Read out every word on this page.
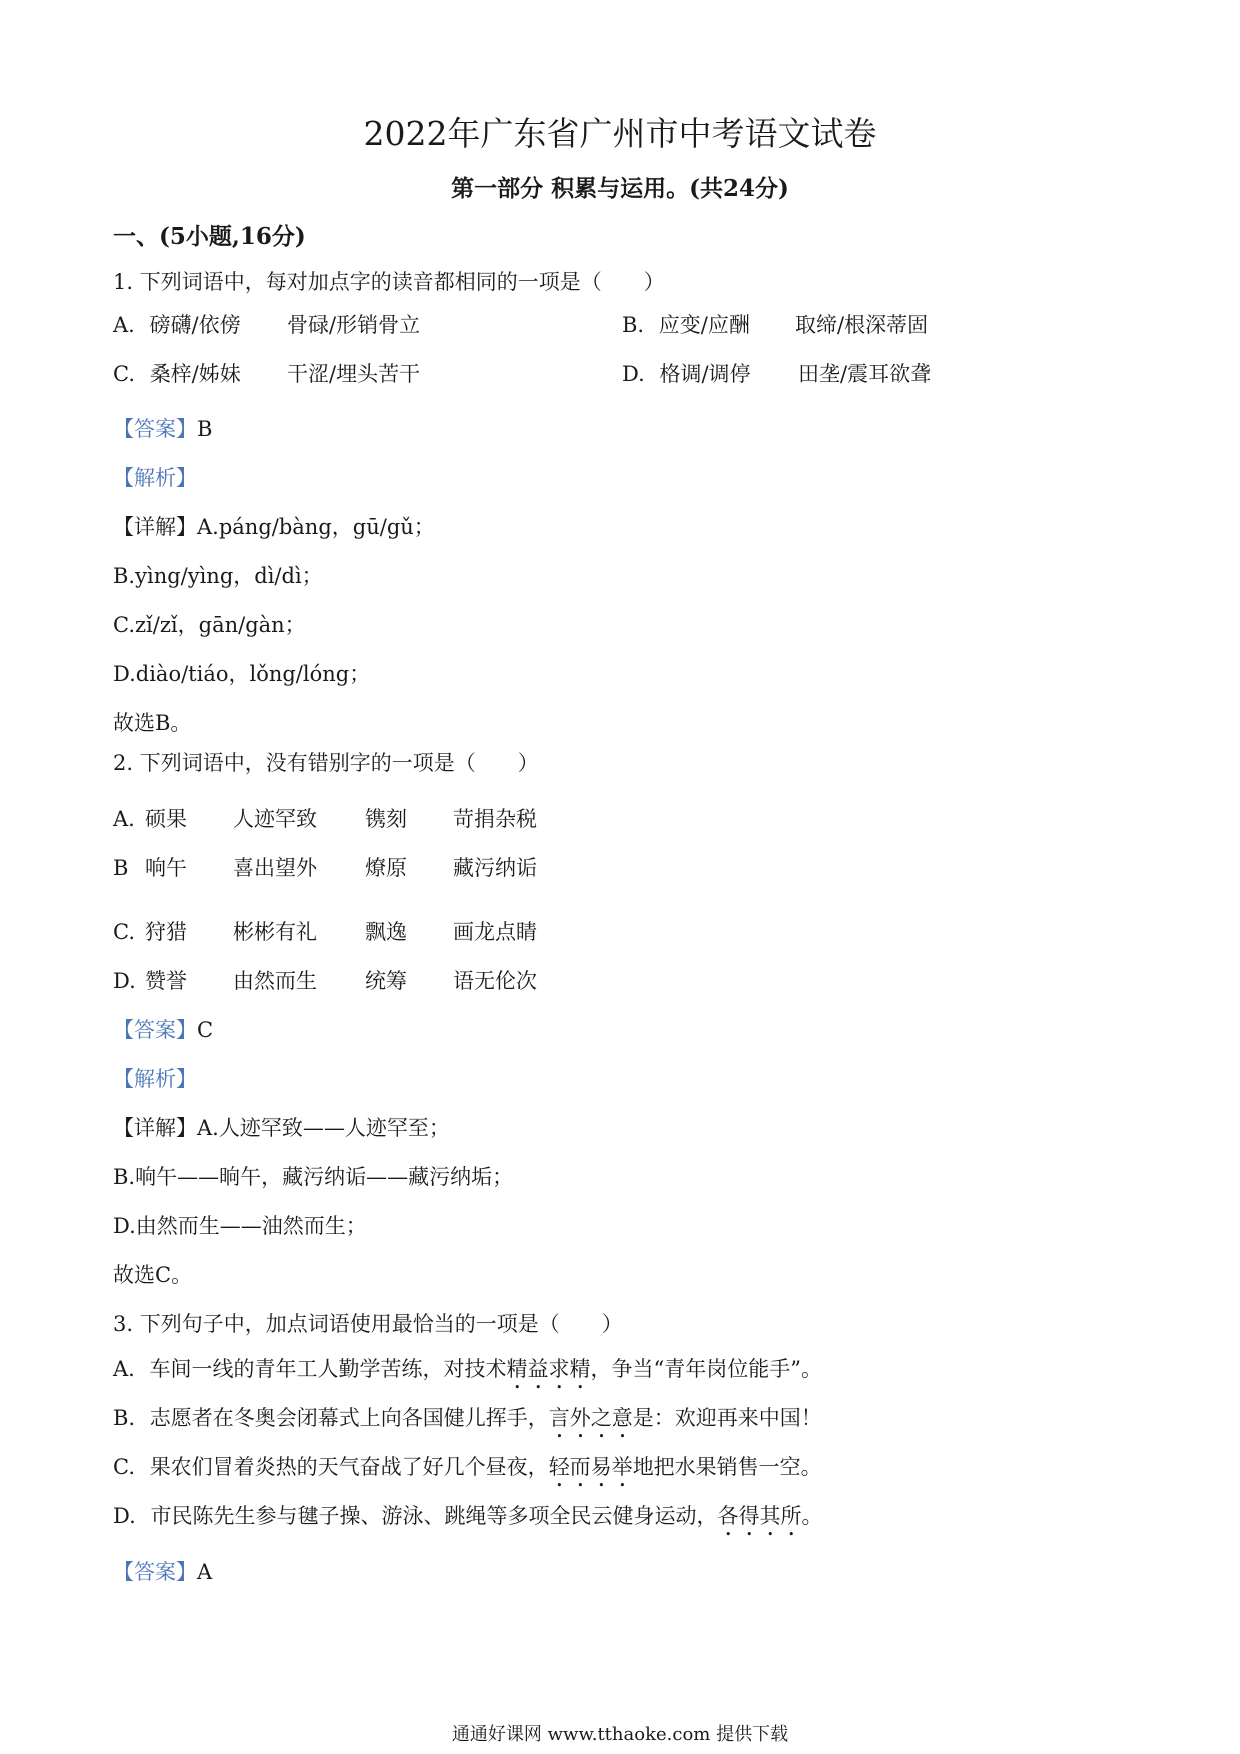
2022年广东省广州市中考语文试卷
第一部分 积累与运用。(共24分)
一、(5小题,16分)
1. 下列词语中，每对加点字的读音都相同的一项是（　　）
A. 磅礴/依傍 骨碌/形销骨立	B. 应变/应酬 取缔/根深蒂固
C. 桑梓/姊妹 干涩/埋头苦干	D. 格调/调停 田垄/震耳欲聋
【答案】B
【解析】
【详解】A.páng/bàng，gū/gǔ；
B.yìng/yìng，dì/dì；
C.zǐ/zǐ，gān/gàn；
D.diào/tiáo，lǒng/lóng；
故选B。
2. 下列词语中，没有错别字的一项是（　　）
A. 硕果 人迹罕致 镌刻 苛捐杂税
B 响午 喜出望外 燎原 藏污纳诟
C. 狩猎 彬彬有礼 飘逸 画龙点睛
D. 赞誉 由然而生 统筹 语无伦次
【答案】C
【解析】
【详解】A.人迹罕致——人迹罕至；
B.响午——晌午，藏污纳诟——藏污纳垢；
D.由然而生——油然而生；
故选C。
3. 下列句子中，加点词语使用最恰当的一项是（　　）
A. 车间一线的青年工人勤学苦练，对技术精益求精，争当“青年岗位能手”。
B. 志愿者在冬奥会闭幕式上向各国健儿挥手，言外之意是：欢迎再来中国！
C. 果农们冒着炎热的天气奋战了好几个昼夜，轻而易举地把水果销售一空。
D. 市民陈先生参与毽子操、游泳、跳绳等多项全民云健身运动，各得其所。
【答案】A
通通好课网 www.tthaoke.com 提供下载
